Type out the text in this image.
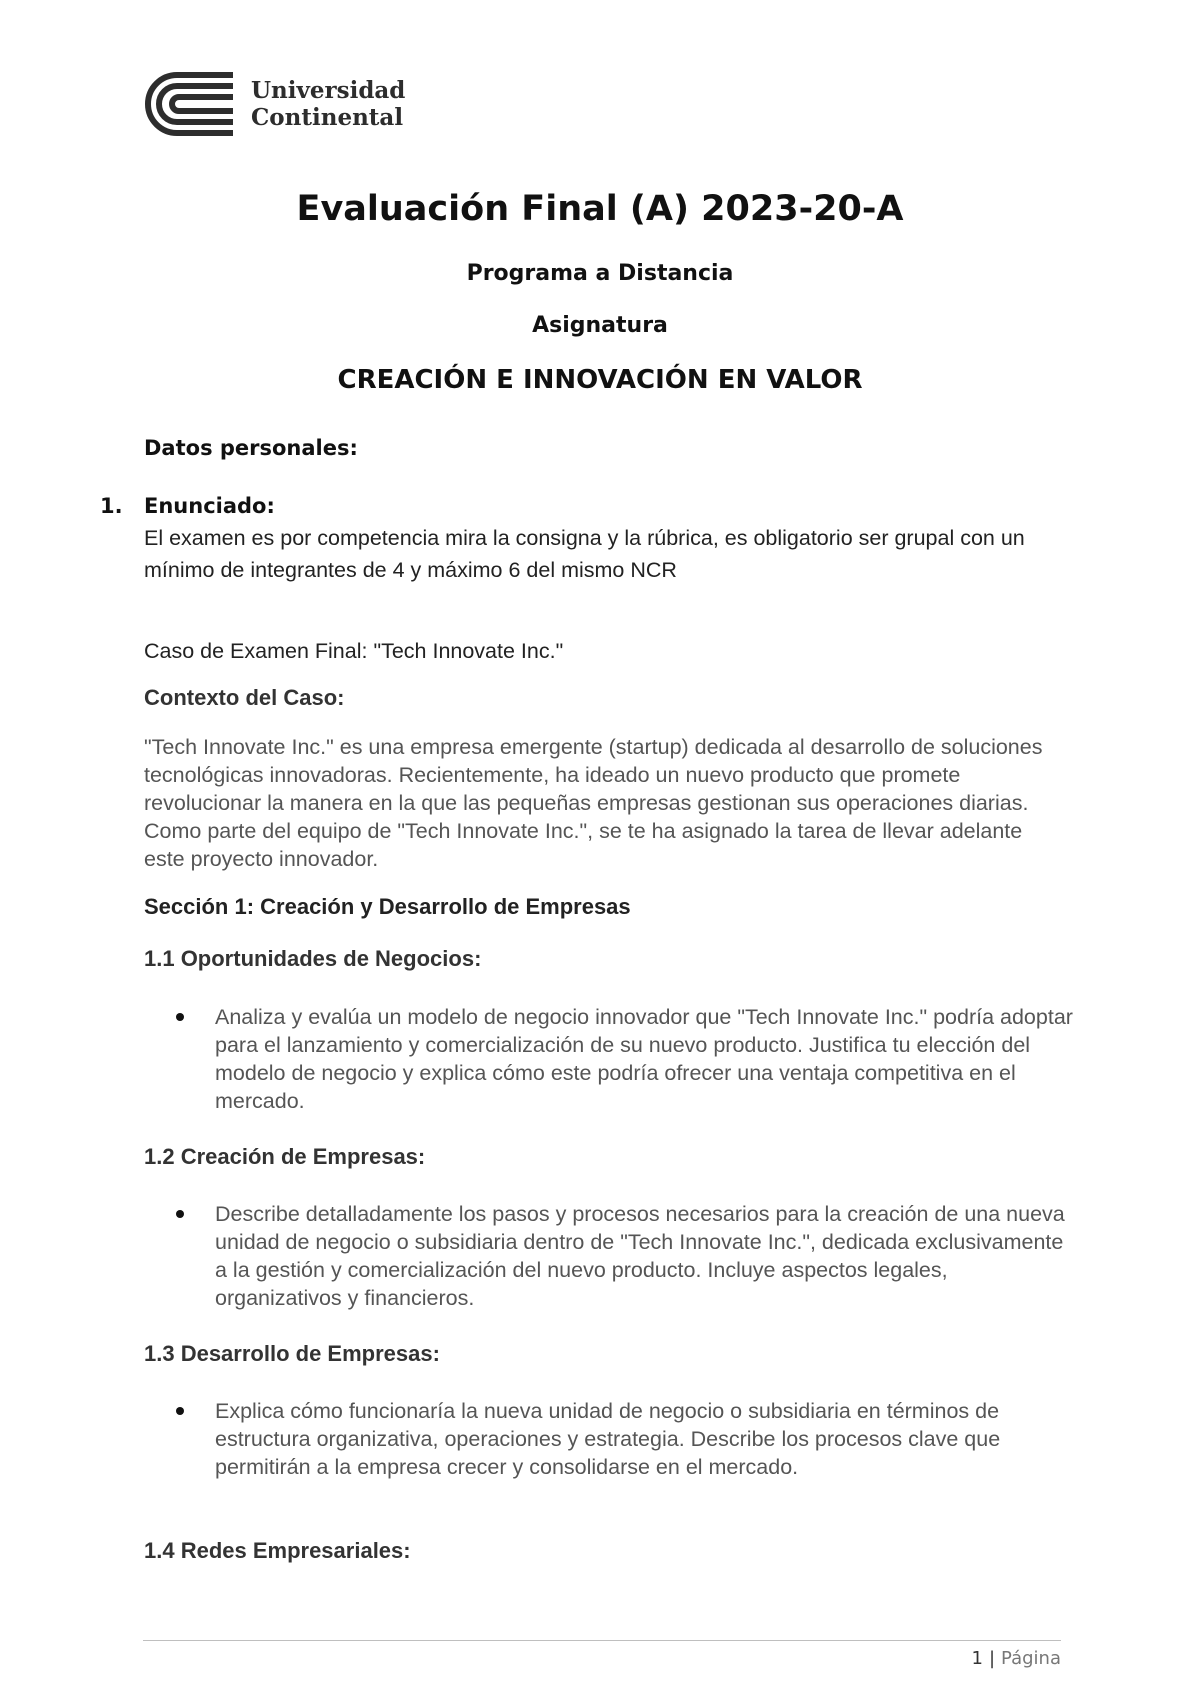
Universidad
Continental
Evaluación Final (A) 2023-20-A
Programa a Distancia
Asignatura
CREACIÓN E INNOVACIÓN EN VALOR
Datos personales:
1. Enunciado:
El examen es por competencia mira la consigna y la rúbrica, es obligatorio ser grupal con un mínimo de integrantes de 4 y máximo 6 del mismo NCR
Caso de Examen Final: "Tech Innovate Inc."
Contexto del Caso:
"Tech Innovate Inc." es una empresa emergente (startup) dedicada al desarrollo de soluciones tecnológicas innovadoras. Recientemente, ha ideado un nuevo producto que promete revolucionar la manera en la que las pequeñas empresas gestionan sus operaciones diarias. Como parte del equipo de "Tech Innovate Inc.", se te ha asignado la tarea de llevar adelante este proyecto innovador.
Sección 1: Creación y Desarrollo de Empresas
1.1 Oportunidades de Negocios:
Analiza y evalúa un modelo de negocio innovador que "Tech Innovate Inc." podría adoptar para el lanzamiento y comercialización de su nuevo producto. Justifica tu elección del modelo de negocio y explica cómo este podría ofrecer una ventaja competitiva en el mercado.
1.2 Creación de Empresas:
Describe detalladamente los pasos y procesos necesarios para la creación de una nueva unidad de negocio o subsidiaria dentro de "Tech Innovate Inc.", dedicada exclusivamente a la gestión y comercialización del nuevo producto. Incluye aspectos legales, organizativos y financieros.
1.3 Desarrollo de Empresas:
Explica cómo funcionaría la nueva unidad de negocio o subsidiaria en términos de estructura organizativa, operaciones y estrategia. Describe los procesos clave que permitirán a la empresa crecer y consolidarse en el mercado.
1.4 Redes Empresariales:
1 | Página
